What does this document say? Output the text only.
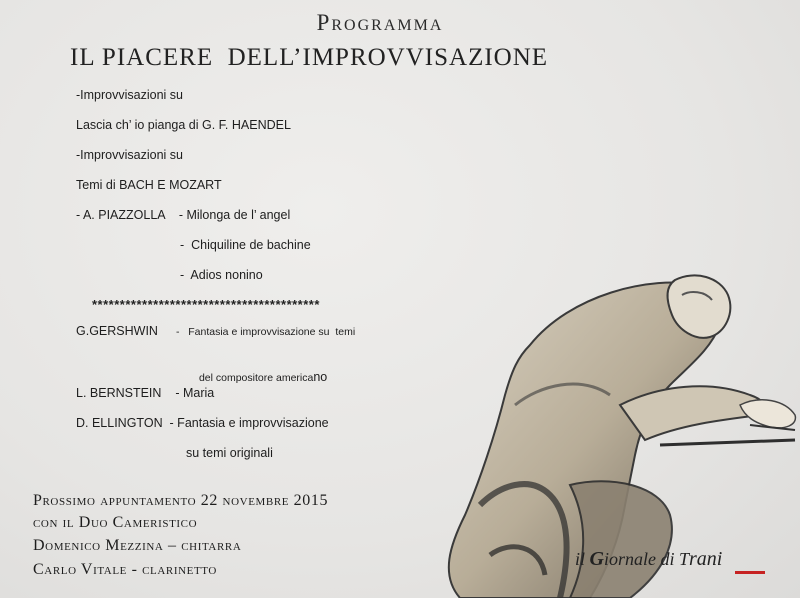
Programma
IL PIACERE  DELL’IMPROVVISAZIONE
-Improvvisazioni su
Lascia ch’ io pianga di G. F. HAENDEL
-Improvvisazioni su
Temi di BACH E MOZART
- A. PIAZZOLLA    - Milonga de l’ angel
-  Chiquiline de bachine
-  Adios nonino
*****************************************
G.GERSHWIN -   Fantasia e improvvisazione su  temi

del compositore americano

L. BERNSTEIN    - Maria
D. ELLINGTON  - Fantasia e improvvisazione
su temi originali
Prossimo appuntamento 22 novembre 2015
con il Duo Cameristico
Domenico Mezzina – chitarra
Carlo Vitale - clarinetto
il Giornale di Trani
